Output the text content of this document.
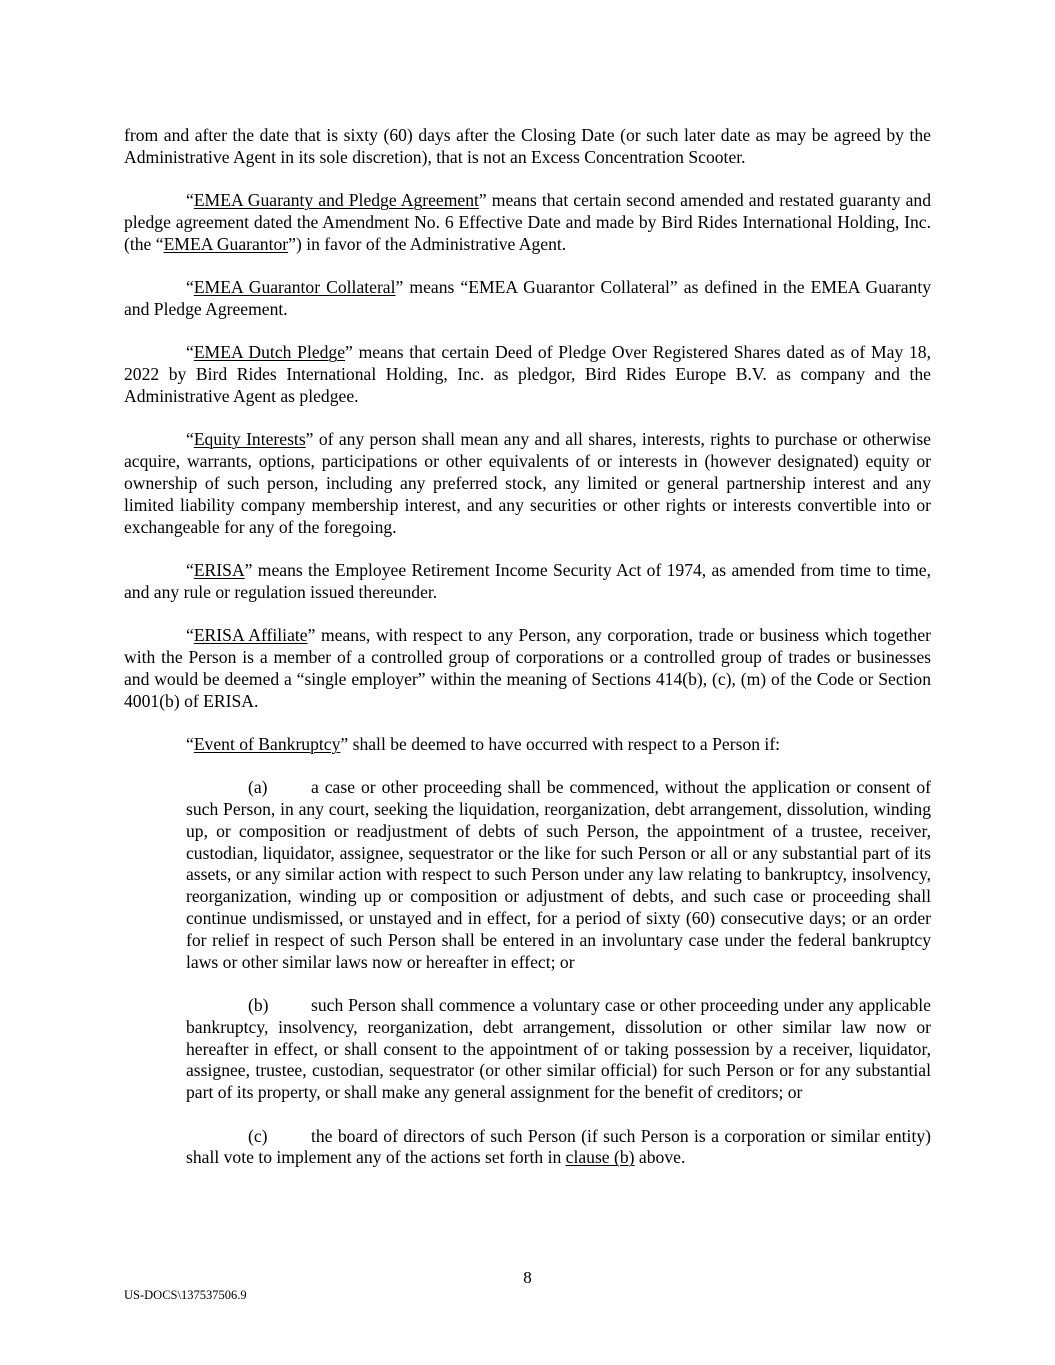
from and after the date that is sixty (60) days after the Closing Date (or such later date as may be agreed by the Administrative Agent in its sole discretion), that is not an Excess Concentration Scooter.

“EMEA Guaranty and Pledge Agreement” means that certain second amended and restated guaranty and pledge agreement dated the Amendment No. 6 Effective Date and made by Bird Rides International Holding, Inc. (the “EMEA Guarantor”) in favor of the Administrative Agent.

“EMEA Guarantor Collateral” means “EMEA Guarantor Collateral” as defined in the EMEA Guaranty and Pledge Agreement.

“EMEA Dutch Pledge” means that certain Deed of Pledge Over Registered Shares dated as of May 18, 2022 by Bird Rides International Holding, Inc. as pledgor, Bird Rides Europe B.V. as company and the Administrative Agent as pledgee.

“Equity Interests” of any person shall mean any and all shares, interests, rights to purchase or otherwise acquire, warrants, options, participations or other equivalents of or interests in (however designated) equity or ownership of such person, including any preferred stock, any limited or general partnership interest and any limited liability company membership interest, and any securities or other rights or interests convertible into or exchangeable for any of the foregoing.

“ERISA” means the Employee Retirement Income Security Act of 1974, as amended from time to time, and any rule or regulation issued thereunder.

“ERISA Affiliate” means, with respect to any Person, any corporation, trade or business which together with the Person is a member of a controlled group of corporations or a controlled group of trades or businesses and would be deemed a “single employer” within the meaning of Sections 414(b), (c), (m) of the Code or Section 4001(b) of ERISA.

“Event of Bankruptcy” shall be deemed to have occurred with respect to a Person if:

(a) a case or other proceeding shall be commenced, without the application or consent of such Person, in any court, seeking the liquidation, reorganization, debt arrangement, dissolution, winding up, or composition or readjustment of debts of such Person, the appointment of a trustee, receiver, custodian, liquidator, assignee, sequestrator or the like for such Person or all or any substantial part of its assets, or any similar action with respect to such Person under any law relating to bankruptcy, insolvency, reorganization, winding up or composition or adjustment of debts, and such case or proceeding shall continue undismissed, or unstayed and in effect, for a period of sixty (60) consecutive days; or an order for relief in respect of such Person shall be entered in an involuntary case under the federal bankruptcy laws or other similar laws now or hereafter in effect; or

(b) such Person shall commence a voluntary case or other proceeding under any applicable bankruptcy, insolvency, reorganization, debt arrangement, dissolution or other similar law now or hereafter in effect, or shall consent to the appointment of or taking possession by a receiver, liquidator, assignee, trustee, custodian, sequestrator (or other similar official) for such Person or for any substantial part of its property, or shall make any general assignment for the benefit of creditors; or

(c) the board of directors of such Person (if such Person is a corporation or similar entity) shall vote to implement any of the actions set forth in clause (b) above.

8
US-DOCS\137537506.9
